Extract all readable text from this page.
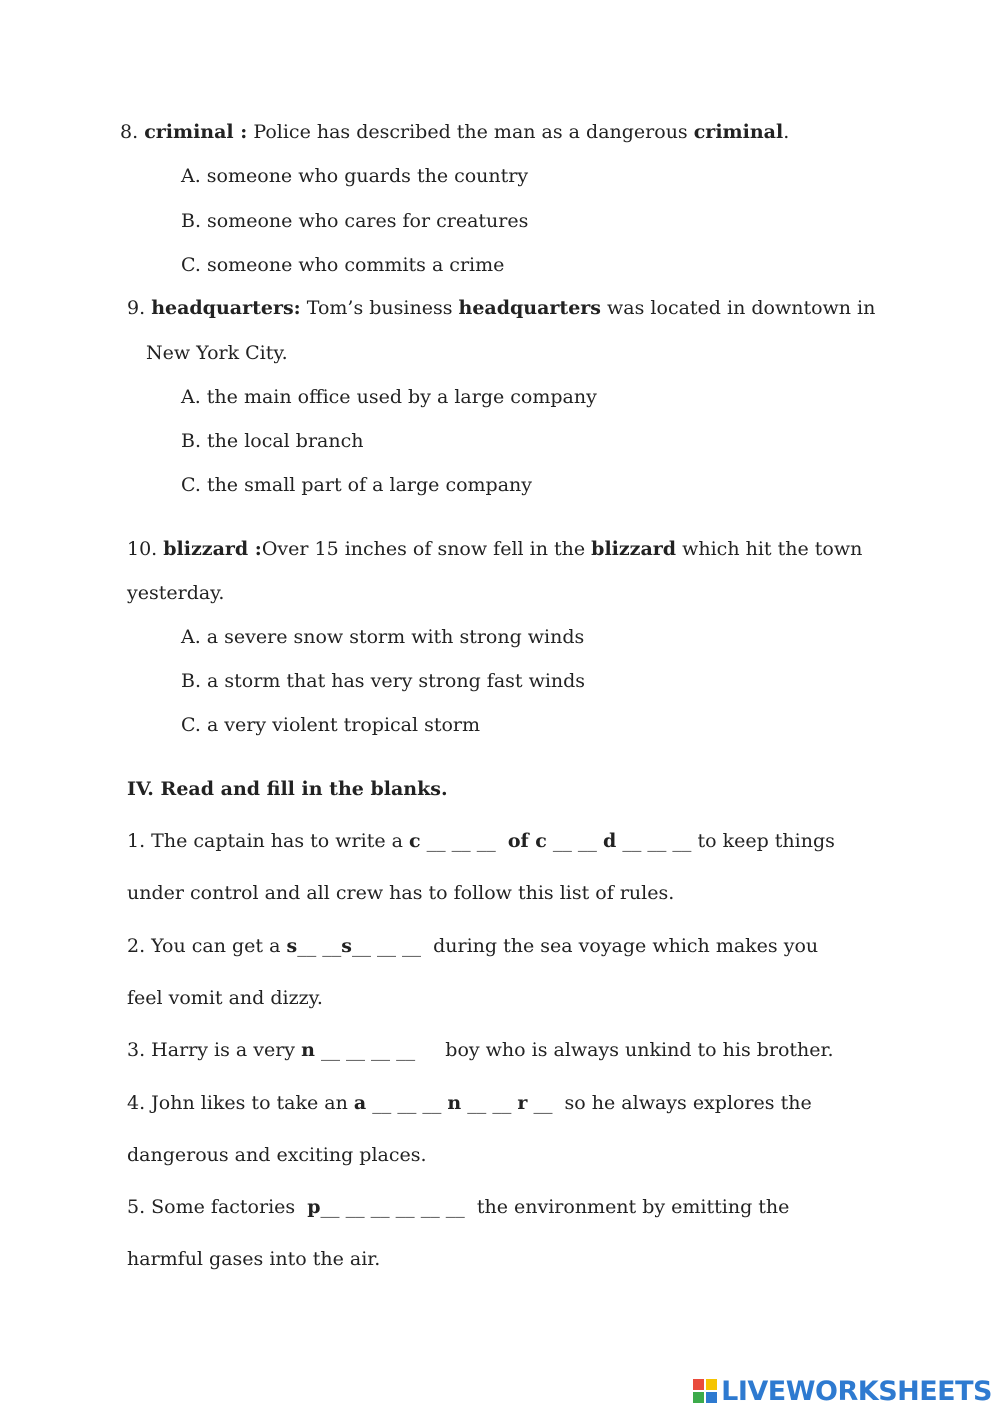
8. criminal : Police has described the man as a dangerous criminal.
A. someone who guards the country
B. someone who cares for creatures
C. someone who commits a crime
9. headquarters: Tom’s business headquarters was located in downtown in
New York City.
A. the main office used by a large company
B. the local branch
C. the small part of a large company
10. blizzard :Over 15 inches of snow fell in the blizzard which hit the town
yesterday.
A. a severe snow storm with strong winds
B. a storm that has very strong fast winds
C. a very violent tropical storm
IV. Read and fill in the blanks.
1. The captain has to write a c __ __ __ of c __ __ d __ __ __ to keep things
under control and all crew has to follow this list of rules.
2. You can get a s__ __s__ __ __ during the sea voyage which makes you
feel vomit and dizzy.
3. Harry is a very n __ __ __ __ boy who is always unkind to his brother.
4. John likes to take an a __ __ __ n __ __ r __ so he always explores the
dangerous and exciting places.
5. Some factories p__ __ __ __ __ __ the environment by emitting the
harmful gases into the air.
LIVEWORKSHEETS
